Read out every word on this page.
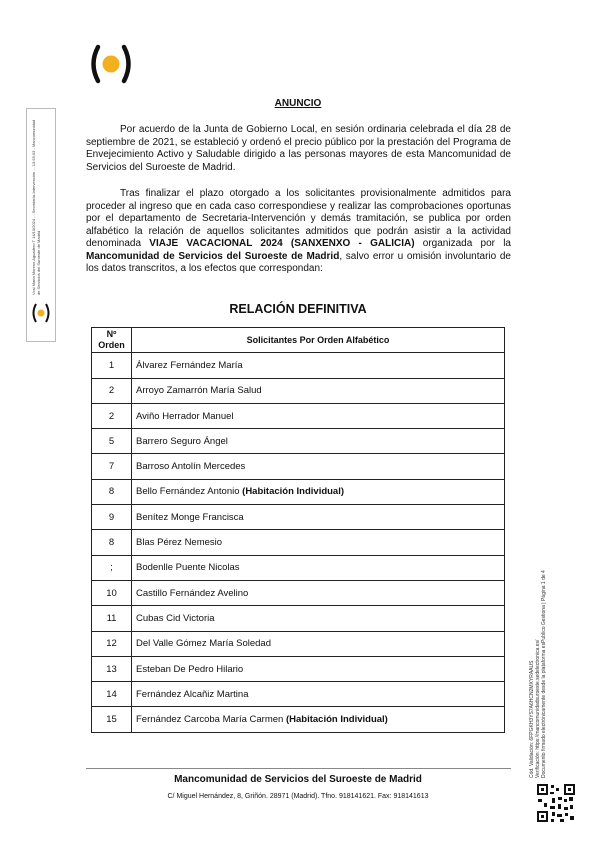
Vcsl Maria Moreno Aguadero T 14/10/2024 ... Secretaría-Intervención ... 13:55:03 - Mancomunidad de Servicios del Suroeste de Madrid
Cód. Validación: 6FPGKH3YS7A6HCN2MXYRAAUS Verificación: https://mancomunidadsuroeste.sedelectronica.es/ Documento firmado electrónicamente desde la plataforma esPublico Gestiona | Página 1 de 4
ANUNCIO
Por acuerdo de la Junta de Gobierno Local, en sesión ordinaria celebrada el día 28 de septiembre de 2021, se estableció y ordenó el precio público por la prestación del Programa de Envejecimiento Activo y Saludable dirigido a las personas mayores de esta Mancomunidad de Servicios del Suroeste de Madrid.
Tras finalizar el plazo otorgado a los solicitantes provisionalmente admitidos para proceder al ingreso que en cada caso correspondiese y realizar las comprobaciones oportunas por el departamento de Secretaria-Intervención y demás tramitación, se publica por orden alfabético la relación de aquellos solicitantes admitidos que podrán asistir a la actividad denominada VIAJE VACACIONAL 2024 (SANXENXO - GALICIA) organizada por la Mancomunidad de Servicios del Suroeste de Madrid, salvo error u omisión involuntario de los datos transcritos, a los efectos que correspondan:
RELACIÓN DEFINITIVA
Nº Orden	Solicitantes Por Orden Alfabético
1	Álvarez Fernández María
2	Arroyo Zamarrón María Salud
2	Aviño Herrador Manuel
5	Barrero Seguro Ángel
7	Barroso Antolín Mercedes
8	Bello Fernández Antonio (Habitación Individual)
9	Benítez Monge Francisca
8	Blas Pérez Nemesio
;	Bodenlle Puente Nicolas
10	Castillo Fernández Avelino
11	Cubas Cid Victoria
12	Del Valle Gómez María Soledad
13	Esteban De Pedro Hilario
14	Fernández Alcañiz Martina
15	Fernández Carcoba María Carmen (Habitación Individual)
Mancomunidad de Servicios del Suroeste de Madrid
C/ Miguel Hernández, 8, Griñón. 28971 (Madrid). Tfno. 918141621. Fax: 918141613
